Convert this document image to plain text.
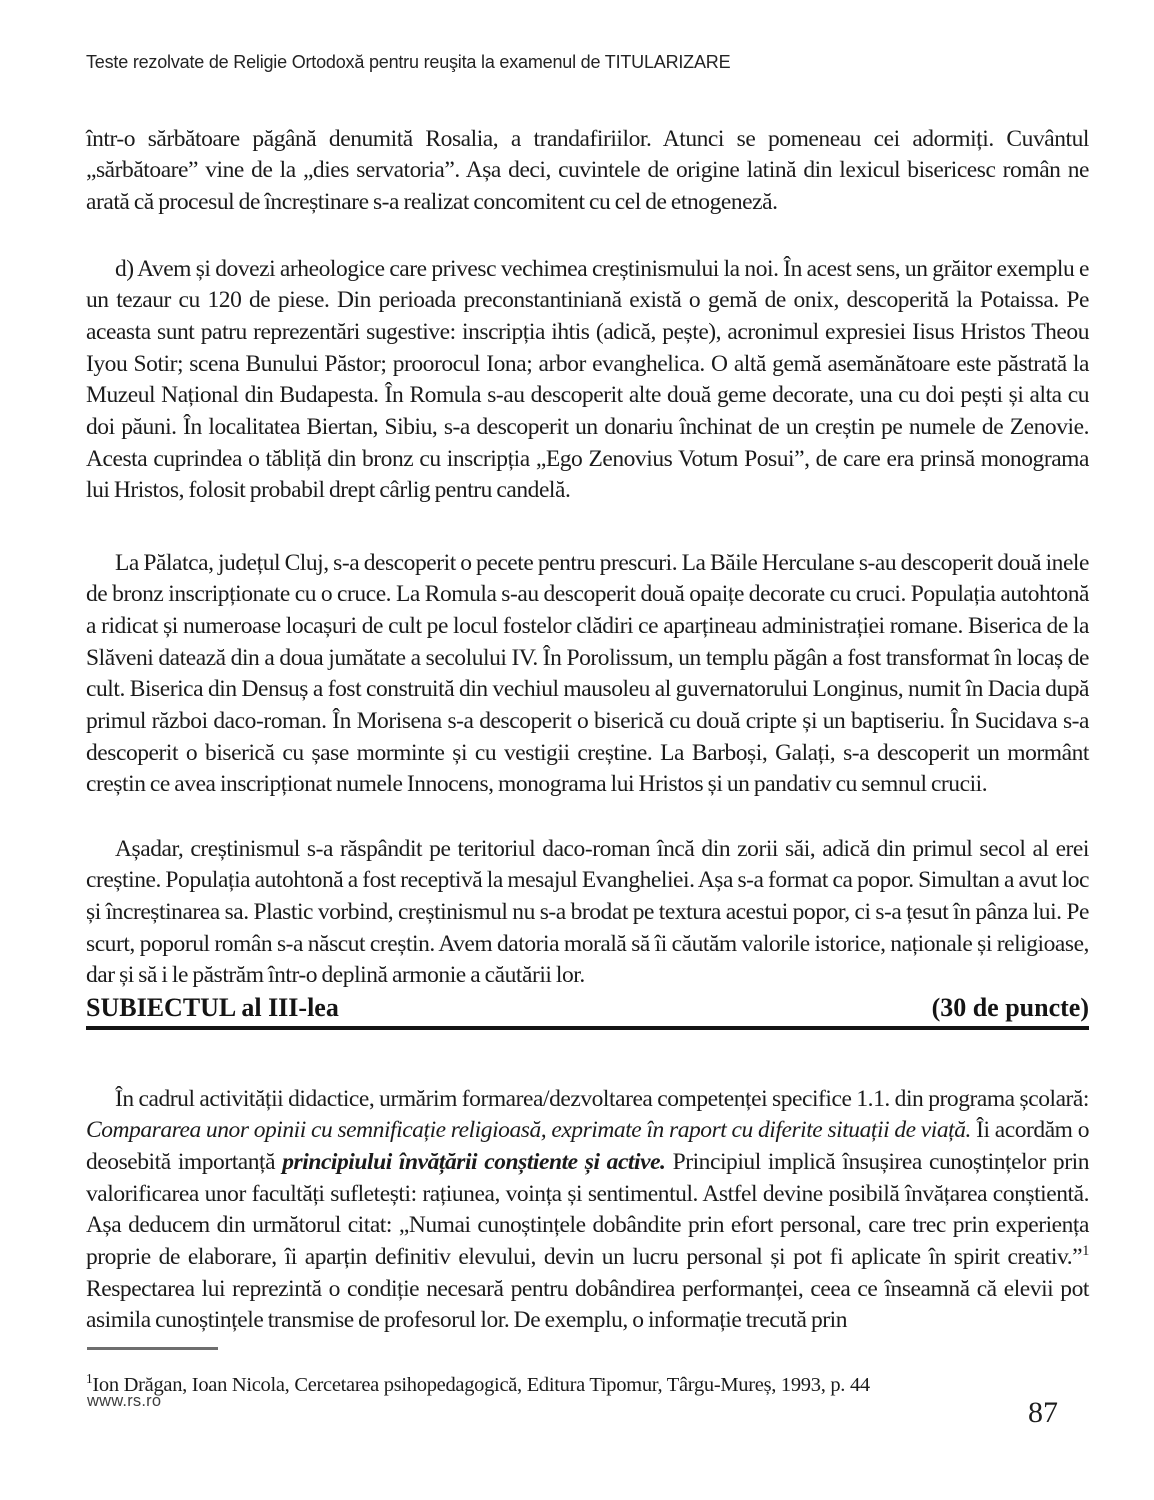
Teste rezolvate de Religie Ortodoxă pentru reuşita la examenul de TITULARIZARE

într-o sărbătoare păgână denumită Rosalia, a trandafiriilor. Atunci se pomeneau cei adormiți. Cuvântul „sărbătoare” vine de la „dies servatoria”. Așa deci, cuvintele de origine latină din lexicul bisericesc român ne arată că procesul de încreștinare s-a realizat concomitent cu cel de etnogeneză.

d) Avem și dovezi arheologice care privesc vechimea creștinismului la noi. În acest sens, un grăitor exemplu e un tezaur cu 120 de piese. Din perioada preconstantiniană există o gemă de onix, descoperită la Potaissa. Pe aceasta sunt patru reprezentări sugestive: inscripția ihtis (adică, pește), acronimul expresiei Iisus Hristos Theou Iyou Sotir; scena Bunului Păstor; proorocul Iona; arbor evanghelica. O altă gemă asemănătoare este păstrată la Muzeul Național din Budapesta. În Romula s-au descoperit alte două geme decorate, una cu doi pești și alta cu doi păuni. În localitatea Biertan, Sibiu, s-a descoperit un donariu închinat de un creștin pe numele de Zenovie. Acesta cuprindea o tăbliță din bronz cu inscripția „Ego Zenovius Votum Posui”, de care era prinsă monograma lui Hristos, folosit probabil drept cârlig pentru candelă.

La Pălatca, județul Cluj, s-a descoperit o pecete pentru prescuri. La Băile Herculane s-au descoperit două inele de bronz inscripționate cu o cruce. La Romula s-au descoperit două opaițe decorate cu cruci. Populația autohtonă a ridicat și numeroase locașuri de cult pe locul fostelor clădiri ce aparțineau administrației romane. Biserica de la Slăveni datează din a doua jumătate a secolului IV. În Porolissum, un templu păgân a fost transformat în locaș de cult. Biserica din Densuș a fost construită din vechiul mausoleu al guvernatorului Longinus, numit în Dacia după primul război daco-roman. În Morisena s-a descoperit o biserică cu două cripte și un baptiseriu. În Sucidava s-a descoperit o biserică cu șase morminte și cu vestigii creștine. La Barboși, Galați, s-a descoperit un mormânt creștin ce avea inscripționat numele Innocens, monograma lui Hristos și un pandativ cu semnul crucii.

Așadar, creștinismul s-a răspândit pe teritoriul daco-roman încă din zorii săi, adică din primul secol al erei creștine. Populația autohtonă a fost receptivă la mesajul Evangheliei. Așa s-a format ca popor. Simultan a avut loc și încreștinarea sa. Plastic vorbind, creștinismul nu s-a brodat pe textura acestui popor, ci s-a țesut în pânza lui. Pe scurt, poporul român s-a născut creștin. Avem datoria morală să îi căutăm valorile istorice, naționale și religioase, dar și să i le păstrăm într-o deplină armonie a căutării lor.

SUBIECTUL al III-lea	(30 de puncte)

În cadrul activității didactice, urmărim formarea/dezvoltarea competenței specifice 1.1. din programa școlară: Compararea unor opinii cu semnificație religioasă, exprimate în raport cu diferite situații de viață. Îi acordăm o deosebită importanță principiului învățării conștiente și active. Principiul implică însușirea cunoștințelor prin valorificarea unor facultăți sufletești: rațiunea, voința și sentimentul. Astfel devine posibilă învățarea conștientă. Așa deducem din următorul citat: „Numai cunoștințele dobândite prin efort personal, care trec prin experiența proprie de elaborare, îi aparțin definitiv elevului, devin un lucru personal și pot fi aplicate în spirit creativ.”$^1$ Respectarea lui reprezintă o condiție necesară pentru dobândirea performanței, ceea ce înseamnă că elevii pot asimila cunoștințele transmise de profesorul lor. De exemplu, o informație trecută prin

$^1$Ion Drăgan, Ioan Nicola, Cercetarea psihopedagogică, Editura Tipomur, Târgu-Mureș, 1993, p. 44

www.rs.ro	87
